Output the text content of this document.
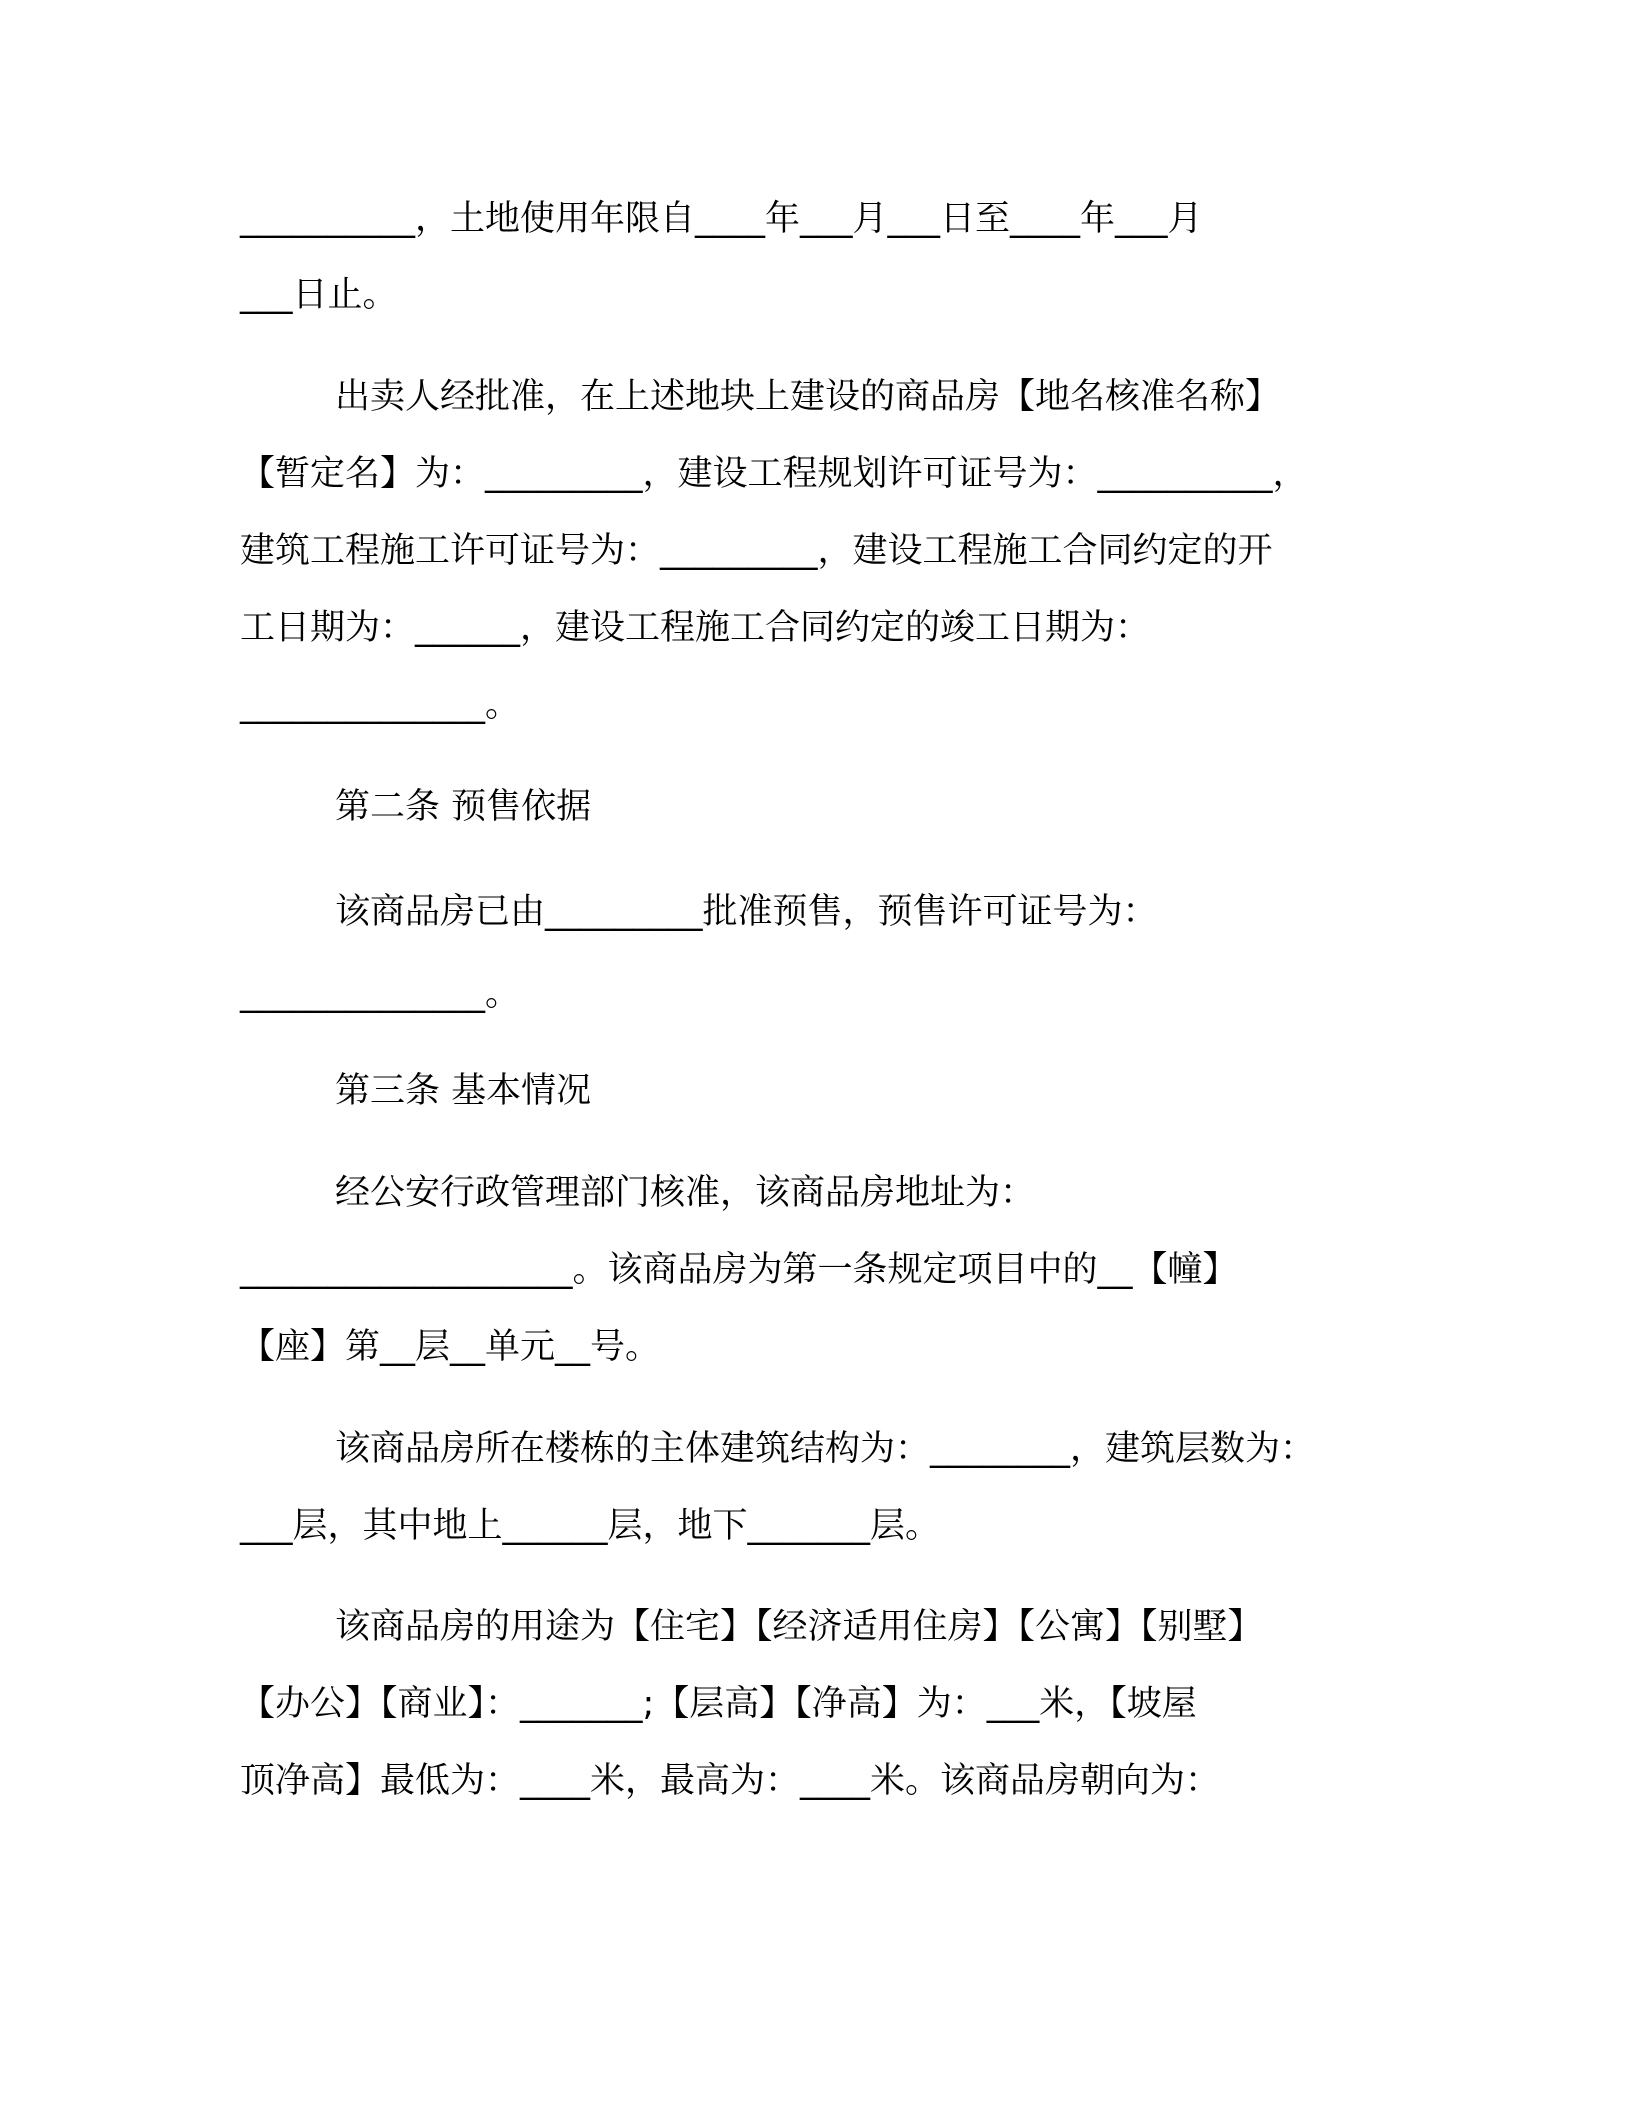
__________，土地使用年限自____年___月___日至____年___月
___日止。
出卖人经批准，在上述地块上建设的商品房【地名核准名称】
【暂定名】为：_________，建设工程规划许可证号为：__________，
建筑工程施工许可证号为：_________，建设工程施工合同约定的开
工日期为：______，建设工程施工合同约定的竣工日期为：
______________。
第二条 预售依据
该商品房已由_________批准预售，预售许可证号为：
______________。
第三条 基本情况
经公安行政管理部门核准，该商品房地址为：
___________________。该商品房为第一条规定项目中的__【幢】
【座】第__层__单元__号。
该商品房所在楼栋的主体建筑结构为：________，建筑层数为：
___层，其中地上______层，地下_______层。
该商品房的用途为【住宅】【经济适用住房】【公寓】【别墅】
【办公】【商业】：_______;【层高】【净高】为：___米，【坡屋
顶净高】最低为：____米，最高为：____米。该商品房朝向为：
